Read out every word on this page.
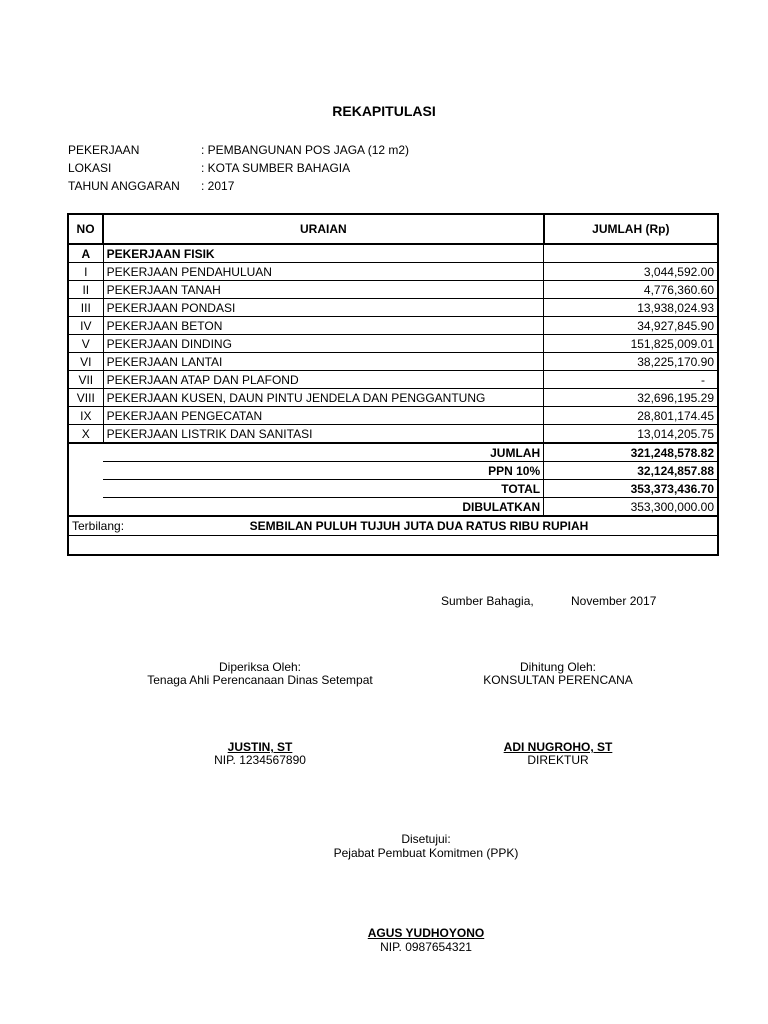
REKAPITULASI
PEKERJAAN	: PEMBANGUNAN POS JAGA (12 m2)
LOKASI	: KOTA SUMBER BAHAGIA
TAHUN ANGGARAN : 2017
NO	URAIAN	JUMLAH (Rp)
A	PEKERJAAN FISIK	
I	PEKERJAAN PENDAHULUAN	3,044,592.00
II	PEKERJAAN TANAH	4,776,360.60
III	PEKERJAAN PONDASI	13,938,024.93
IV	PEKERJAAN BETON	34,927,845.90
V	PEKERJAAN DINDING	151,825,009.01
VI	PEKERJAAN LANTAI	38,225,170.90
VII	PEKERJAAN ATAP DAN PLAFOND	-
VIII	PEKERJAAN KUSEN, DAUN PINTU JENDELA DAN PENGGANTUNG	32,696,195.29
IX	PEKERJAAN PENGECATAN	28,801,174.45
X	PEKERJAAN LISTRIK DAN SANITASI	13,014,205.75
	JUMLAH	321,248,578.82
	PPN 10%	32,124,857.88
	TOTAL	353,373,436.70
	DIBULATKAN	353,300,000.00

Terbilang: SEMBILAN PULUH TUJUH JUTA DUA RATUS RIBU RUPIAH		

Sumber Bahagia,	November 2017
Diperiksa Oleh:
Tenaga Ahli Perencanaan Dinas Setempat
JUSTIN, ST
NIP. 1234567890
Dihitung Oleh:
KONSULTAN PERENCANA
ADI NUGROHO, ST
DIREKTUR
Disetujui:
Pejabat Pembuat Komitmen (PPK)
AGUS YUDHOYONO
NIP. 0987654321
